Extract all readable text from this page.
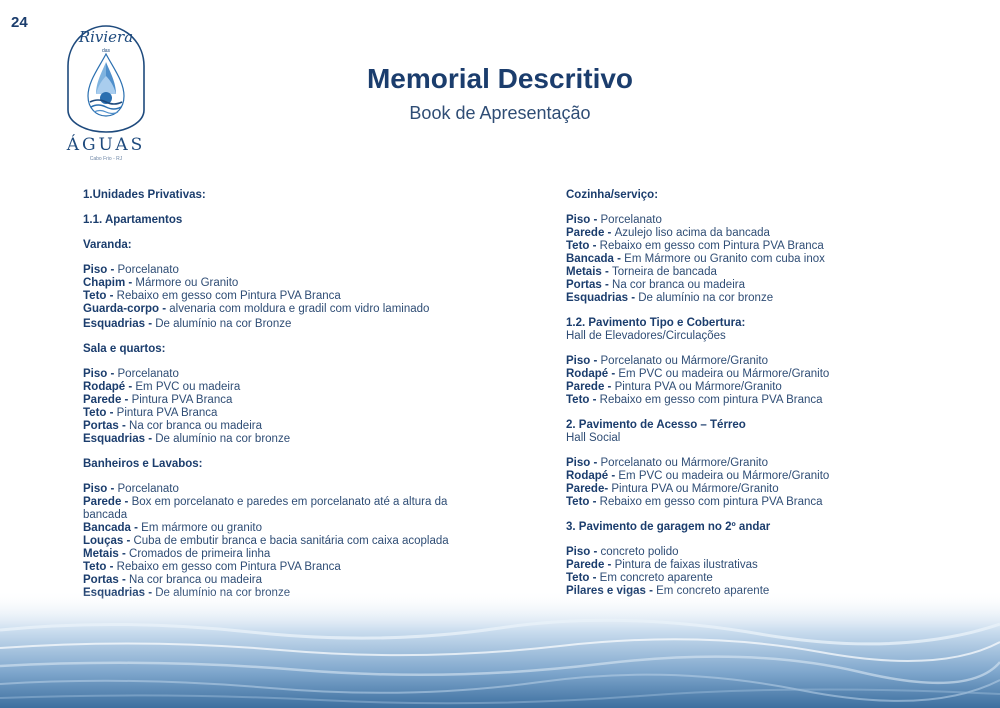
24
Riviera
das
ÁGUAS
Cabo Frio - RJ
Memorial Descritivo
Book de Apresentação
1.Unidades Privativas:
1.1. Apartamentos
Varanda:
Piso - Porcelanato
Chapim - Mármore ou Granito
Teto - Rebaixo em gesso com Pintura PVA Branca
Guarda-corpo - alvenaria com moldura e gradil com vidro laminado
Esquadrias - De alumínio na cor Bronze
Sala e quartos:
Piso - Porcelanato
Rodapé - Em PVC ou madeira
Parede - Pintura PVA Branca
Teto - Pintura PVA Branca
Portas - Na cor branca ou madeira
Esquadrias - De alumínio na cor bronze
Banheiros e Lavabos:
Piso - Porcelanato
Parede - Box em porcelanato e paredes em porcelanato até a altura da bancada
Bancada - Em mármore ou granito
Louças - Cuba de embutir branca e bacia sanitária com caixa acoplada
Metais - Cromados de primeira linha
Teto - Rebaixo em gesso com Pintura PVA Branca
Portas - Na cor branca ou madeira
Cozinha/serviço:
Piso - Porcelanato
Parede - Azulejo liso acima da bancada
Teto - Rebaixo em gesso com Pintura PVA Branca
Bancada - Em Mármore ou Granito com cuba inox
Metais - Torneira de bancada
Portas - Na cor branca ou madeira
Esquadrias - De alumínio na cor bronze
1.2. Pavimento Tipo e Cobertura:
Hall de Elevadores/Circulações
Piso - Porcelanato ou Mármore/Granito
Rodapé - Em PVC ou madeira ou Mármore/Granito
Parede - Pintura PVA ou Mármore/Granito
Teto - Rebaixo em gesso com pintura PVA Branca
2. Pavimento de Acesso – Térreo
Hall Social
Piso - Porcelanato ou Mármore/Granito
Rodapé - Em PVC ou madeira ou Mármore/Granito
Parede- Pintura PVA ou Mármore/Granito
Teto - Rebaixo em gesso com pintura PVA Branca
3. Pavimento de garagem no 2º andar
Piso - concreto polido
Parede - Pintura de faixas ilustrativas
Teto - Em concreto aparente
